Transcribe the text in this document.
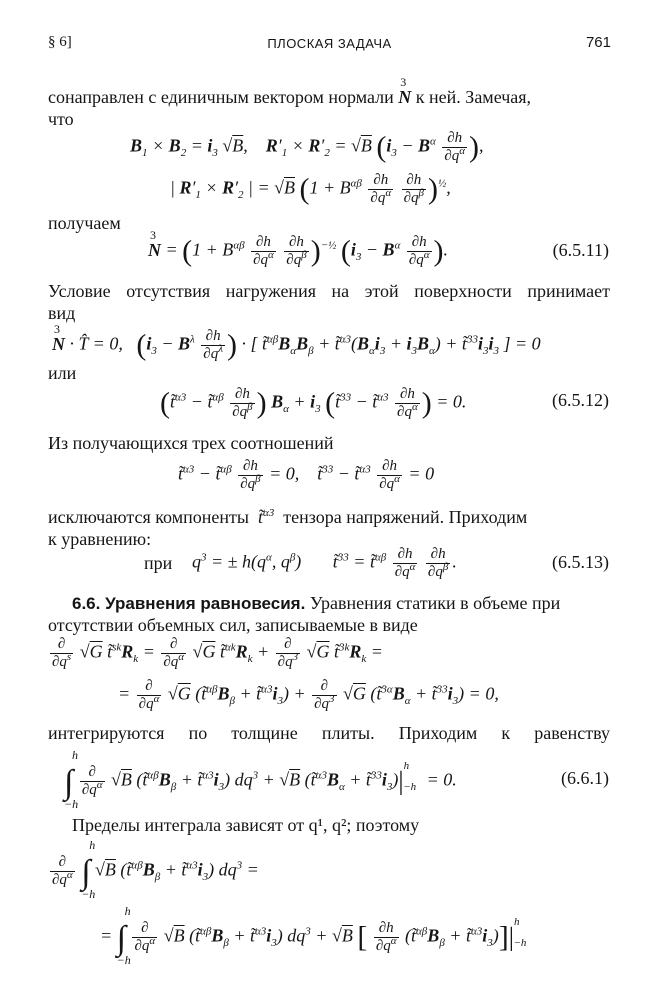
§ 6]	ПЛОСКАЯ ЗАДАЧА	761
сонаправлен с единичным вектором нормали
3
N к ней. Замечая,
что
$B_1 \times B_2 = i_3$ √B,    $R'_1 \times R'_2 = √B$ ($i_3 - B^\alpha \frac{\partial h}{\partial q^\alpha}$ ),
| $R'_1 \times R'_2$ | = √B ($1 + B^{\alpha\beta} \frac{\partial h}{\partial q^\alpha}$
$\frac{\partial h}{\partial q^\beta} )^{\frac{1}{2}}$,
получаем
3
$N = (1 + B^{\alpha\beta} \frac{\partial h}{\partial q^\alpha}$
$\frac{\partial h}{\partial q^\beta} )^{-\frac{1}{2}}$ ($i_3 - B^\alpha \frac{\partial h}{\partial q^\alpha}$ ).	(6.5.11)
Условие отсутствия нагружения на этой поверхности принимает
вид
3
N · T̂ = 0,   ($i_3 - B^\lambda \frac{\partial h}{\partial q^\lambda}$ ) · [ $t̃^{\alpha\beta}B_\alpha B_\beta$ + $t̃^{\alpha 3}(B_\alpha i_3 + i_3B_\alpha)$ + $t̃^{33}i_3i_3$ ] = 0
или
(t̃$^{\alpha 3}$ − t̃$^{\alpha\beta}$ $\frac{\partial h}{\partial q^\beta}$ ) $B_\alpha + i_3$ (t̃$^{33}$ − t̃$^{\alpha 3}$ $\frac{\partial h}{\partial q^\alpha}$ ) = 0.	(6.5.12)
Из получающихся трех соотношений
t̃$^{\alpha 3}$ − t̃$^{\alpha\beta}$ $\frac{\partial h}{\partial q^\beta} = 0$,    t̃$^{33}$ − t̃$^{\alpha 3}$ $\frac{\partial h}{\partial q^\alpha} = 0$
исключаются компоненты  t̃$^{\alpha 3}$ тензора напряжений. Приходим
к уравнению:
при $q^3$ = ± $h(q^\alpha$, $q^\beta$)       t̃$^{33}$ = t̃$^{\alpha\beta}$ $\frac{\partial h}{\partial q^\alpha}$
$\frac{\partial h}{\partial q^\beta}$ .	(6.5.13)
6.6. Уравнения равновесия. Уравнения статики в объеме при
отсутствии объемных сил, записываемые в виде
$\frac{\partial}{\partial q^s} √G$ $t̃^{sk}R_k = \frac{\partial}{\partial q^\alpha} √G$ $t̃^{\alpha k}R_k + \frac{\partial}{\partial q^3} √G$ $t̃^{3k}R_k$ =
= $\frac{\partial}{\partial q^\alpha} √G$ ($t̃^{\alpha\beta}B_\beta$ + $t̃^{\alpha 3}i_3) + \frac{\partial}{\partial q^3} √G$ ($t̃^{3\alpha}B_\alpha$ + $t̃^{33}i_3) = 0$,
интегрируются по толщине плиты. Приходим к равенству
h
∫
−h

$\frac{\partial}{\partial q^\alpha} √B$ ($t̃^{\alpha\beta}B_\beta$ + $t̃^{\alpha 3}i_3$) $dq^3 + √B$ ($t̃^{\alpha 3}B_\alpha$ + $t̃^{33}i_3)|^h_{-h} = 0$.	(6.6.1)
Пределы интеграла зависят от q¹, q²; поэтому
$\frac{\partial}{\partial q^\alpha}$

h
∫
−h
√B ($t̃^{\alpha\beta}B_\beta$ + $t̃^{\alpha 3}i_3$) $dq^3$ =
=
h
∫
−h

$\frac{\partial}{\partial q^\alpha} √B$ ($t̃^{\alpha\beta}B_\beta$ + $t̃^{\alpha 3}i_3$) $dq^3 + √B$ [ $\frac{\partial h}{\partial q^\alpha}$ ($t̃^{\alpha\beta}B_\beta$ + $t̃^{\alpha 3}i_3)]|^h_{-h}$
